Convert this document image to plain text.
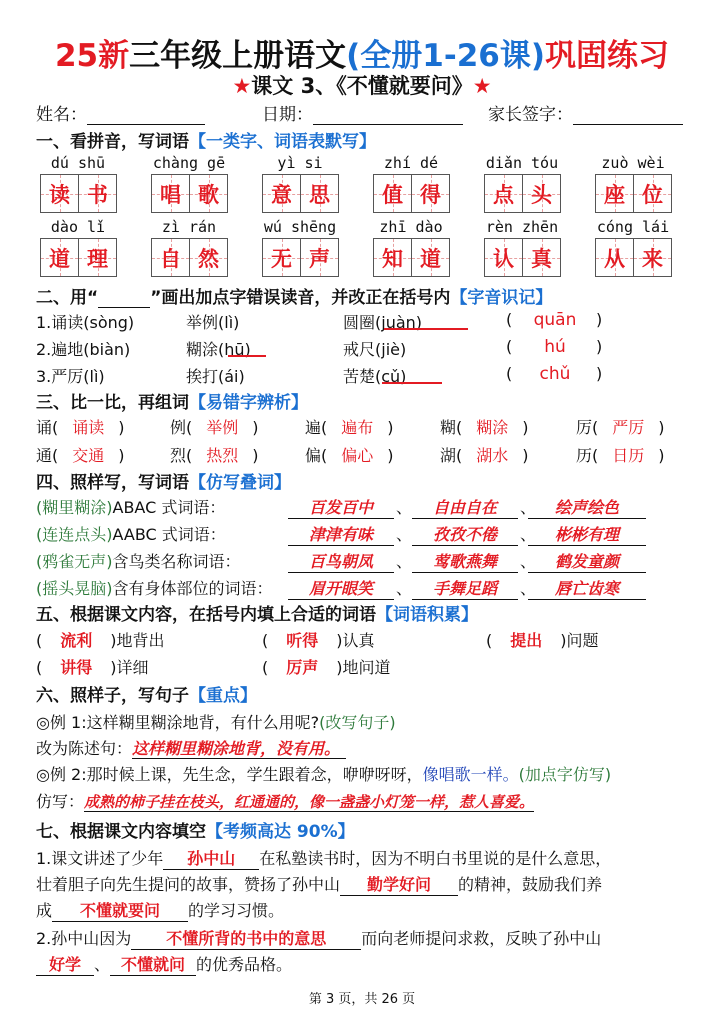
25新三年级上册语文(全册1-26课)巩固练习
★课文 3、《不懂就要问》★
姓名：	日期：	家长签字：
一、看拼音，写词语【一类字、词语表默写】
dú shū
读 书
chàng gē
唱 歌
yì si
意 思
zhí dé
值 得
diǎn tóu
点 头
zuò wèi
座 位
dào lǐ
道 理
zì rán
自 然
wú shēng
无 声
zhī dào
知 道
rèn zhēn
认 真
cóng lái
从 来
二、用“	”画出加点字错误读音，并改正在括号内【字音识记】
1.诵读(sòng)	举例(lì)	圆圈(juàn)	(	quān	)
2.遍地(biàn)	糊涂(hū)	戒尺(jiè)	(	hú	)
3.严厉(lì)	挨打(ái)	苦楚(cǔ)	(	chǔ	)
三、比一比，再组词【易错字辨析】
诵( 诵读 )	例( 举例 )	遍( 遍布 )	糊( 糊涂 )	厉( 严厉 )
通( 交通 )	烈( 热烈 )	偏( 偏心 )	湖( 湖水 )	历( 日历 )
四、照样写，写词语【仿写叠词】
(糊里糊涂)ABAC 式词语：	百发百中	、	自由自在	、	绘声绘色
(连连点头)AABC 式词语：	津津有味	、	孜孜不倦	、	彬彬有理
(鸦雀无声)含鸟类名称词语：	百鸟朝凤	、	莺歌燕舞	、	鹤发童颜
(摇头晃脑)含有身体部位的词语：	眉开眼笑	、	手舞足蹈	、	唇亡齿寒
五、根据课文内容，在括号内填上合适的词语【词语积累】
( 流利 )地背出	( 听得 )认真	( 提出 )问题
( 讲得 )详细	( 厉声 )地问道
六、照样子，写句子【重点】
◎例 1:这样糊里糊涂地背，有什么用呢?(改写句子)
改为陈述句：这样糊里糊涂地背，没有用。
◎例 2:那时候上课，先生念，学生跟着念，咿咿呀呀，像唱歌一样。(加点字仿写)
仿写：成熟的柿子挂在枝头，红通通的，像一盏盏小灯笼一样，惹人喜爱。
七、根据课文内容填空【考频高达 90%】
1.课文讲述了少年 孙中山 在私塾读书时，因为不明白书里说的是什么意思，
壮着胆子向先生提问的故事，赞扬了孙中山 勤学好问 的精神，鼓励我们养
成 不懂就要问 的学习习惯。
2.孙中山因为 不懂所背的书中的意思 而向老师提问求救，反映了孙中山
好学 、 不懂就问 的优秀品格。
第 3 页，共 26 页
